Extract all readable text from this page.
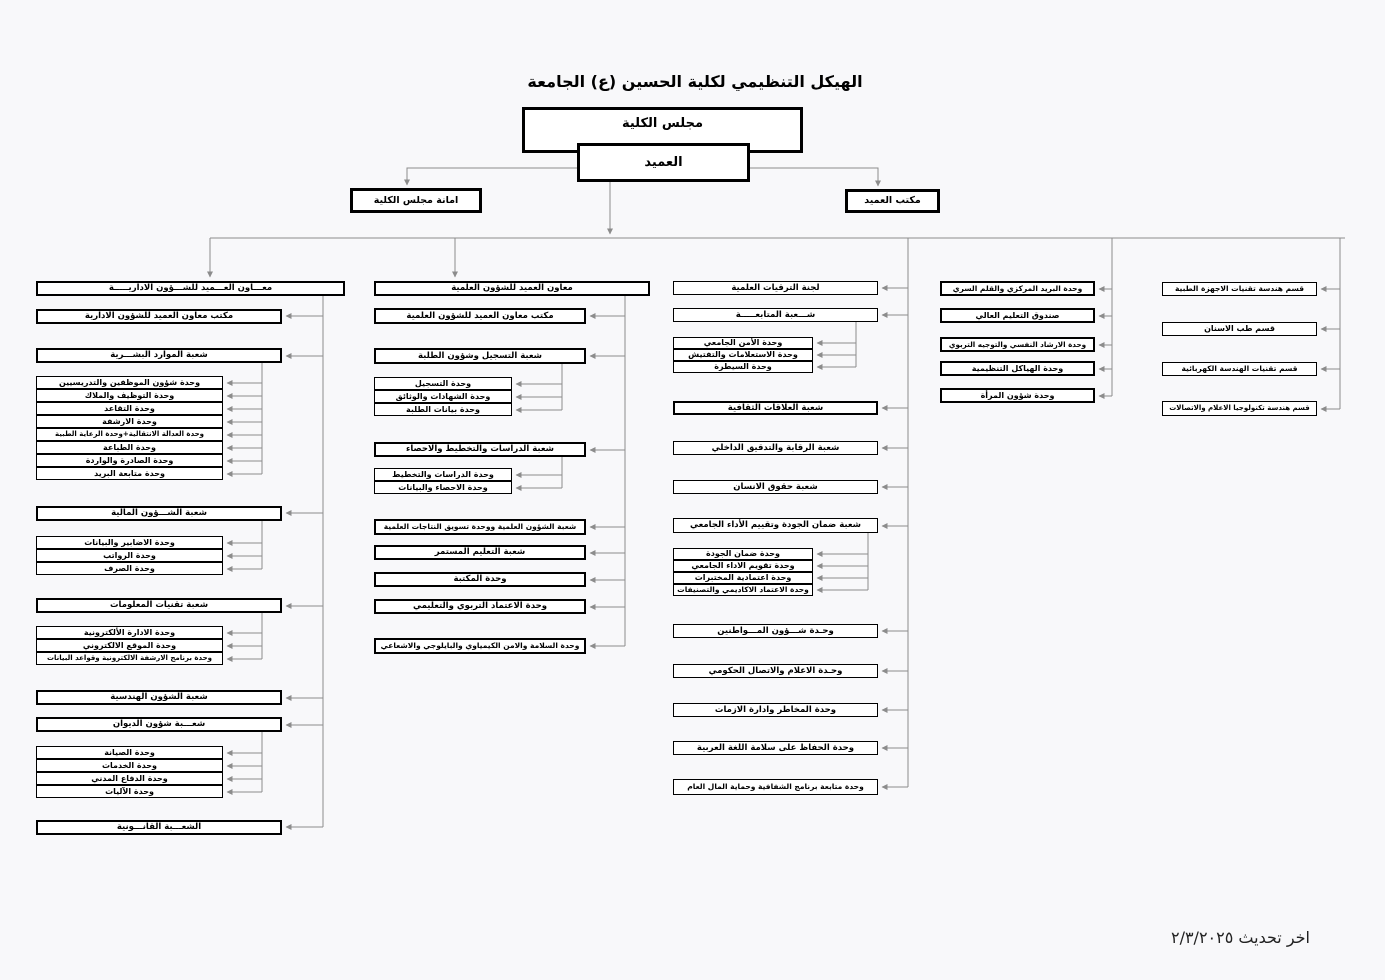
الهيكل التنظيمي لكلية الحسين (ع) الجامعة
مجلس الكلية
العميد
امانة مجلس الكلية	مكتب العميد
معـــاون العـــميد للشـــؤون الاداريـــــة
مكتب معاون العميد للشؤون الادارية
شعبة الموارد البشـــرية
وحدة شؤون الموظفين والتدريسيين
وحدة التوظيف والملاك
وحدة التقاعد
وحدة الارشفة
وحدة العدالة الانتقالية+وحدة الرعاية الطبية
وحدة الطباعة
وحدة الصادرة والواردة
وحدة متابعة البريد
شعبة الشـــؤون المالية
وحدة الاضابير والبيانات
وحدة الرواتب
وحدة الصرف
شعبة تقنيات المعلومات
وحدة الادارة الألكترونية
وحدة الموقع الالكتروني
وحدة برنامج الارشفة الالكترونية وقواعد البيانات
شعبة الشؤون الهندسية
شعـــبة شؤون الديوان
وحدة الصيانة
وحدة الخدمات
وحدة الدفاع المدني
وحدة الآليات
الشعـــبة القانـــونية
معاون العميد للشؤون العلمية
مكتب معاون العميد للشؤون العلمية
شعبة التسجيل وشؤون الطلبة
وحدة التسجيل
وحدة الشهادات والوثائق
وحدة بيانات الطلبة
شعبة الدراسات والتخطيط والاحصاء
وحدة الدراسات والتخطيط
وحدة الاحصاء والبيانات
شعبة الشؤون العلمية ووحدة تسويق النتاجات العلمية
شعبة التعليم المستمر
وحدة المكتبة
وحدة الاعتماد التربوي والتعليمي
وحدة السلامة والامن الكيمياوي والبايلوجي والاشعاعي
لجنة الترقيات العلمية
شـــعبة المتابعـــــة
وحدة الأمن الجامعي
وحدة الاستعلامات والتفتيش
وحدة السيطرة
شعبة العلاقات الثقافية
شعبة الرقابة والتدقيق الداخلي
شعبة حقوق الانسان
شعبة ضمان الجودة وتقييم الأداء الجامعي
وحدة ضمان الجودة
وحدة تقويم الاداء الجامعي
وحدة اعتمادية المختبرات
وحدة الاعتماد الاكاديمي والتصنيفات
وحـدة شـــؤون المـــواطنين
وحـدة الاعلام والاتصال الحكومي
وحدة المخاطر وادارة الازمات
وحدة الحفاظ على سلامة اللغة العربية
وحدة متابعة برنامج الشفافية وحماية المال العام
وحدة البريد المركزي والقلم السري
صندوق التعليم العالي
وحدة الارشاد النفسي والتوجيه التربوي
وحدة الهياكل التنظيمية
وحدة شؤون المرأة
قسم هندسة تقنيات الاجهزة الطبية
قسم طب الاسنان
قسم تقنيات الهندسة الكهربائية
قسم هندسة تكنولوجيا الاعلام والاتصالات
اخر تحديث ٢/٣/٢٠٢٥
